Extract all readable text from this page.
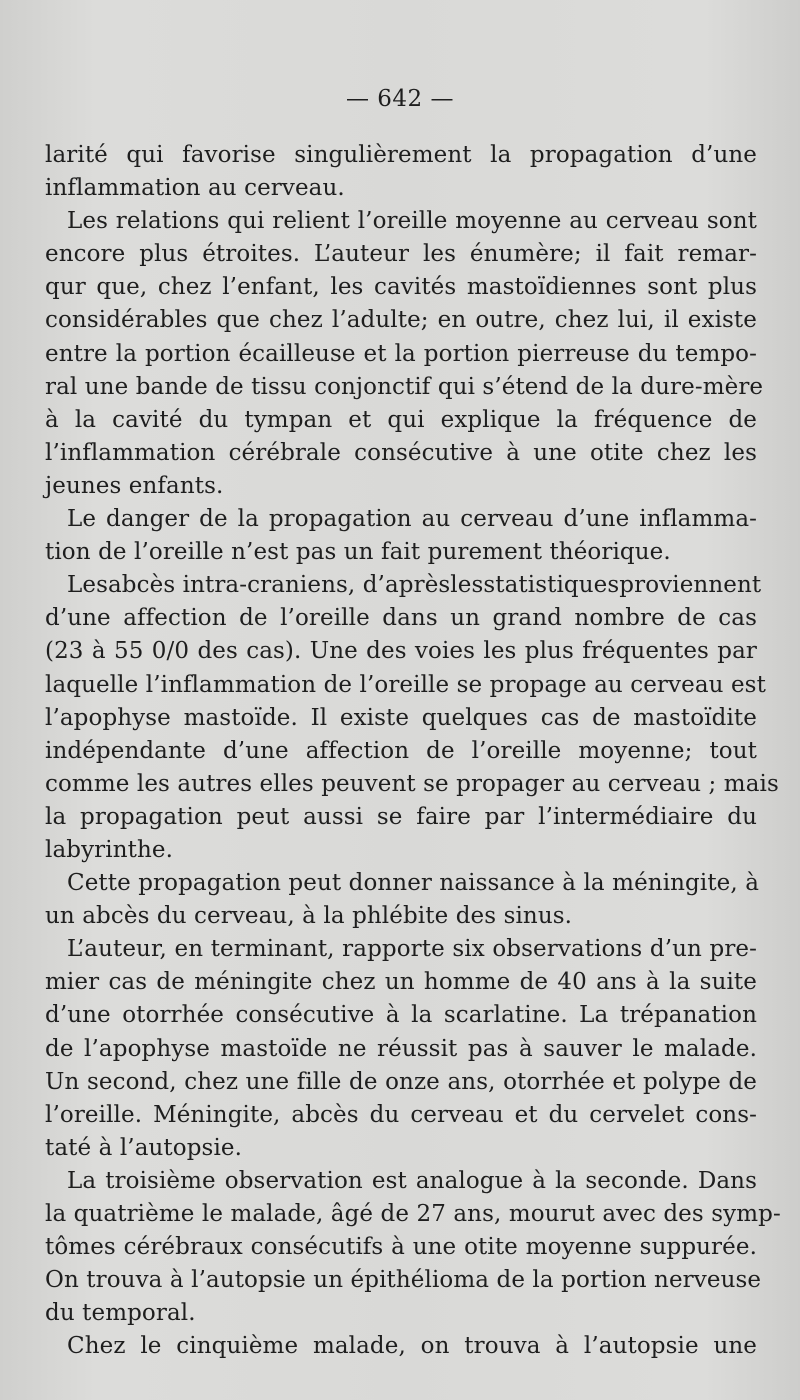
— 642 —
larité qui favorise singulièrement la propagation d’une
inflammation au cerveau.
Les relations qui relient l’oreille moyenne au cerveau sont
encore plus étroites. L’auteur les énumère; il fait remar-
qur que, chez l’enfant, les cavités mastoïdiennes sont plus
considérables que chez l’adulte; en outre, chez lui, il existe
entre la portion écailleuse et la portion pierreuse du tempo-
ral une bande de tissu conjonctif qui s’étend de la dure-mère
à la cavité du tympan et qui explique la fréquence de
l’inflammation cérébrale consécutive à une otite chez les
jeunes enfants.
Le danger de la propagation au cerveau d’une inflamma-
tion de l’oreille n’est pas un fait purement théorique.
Lesabcès intra-craniens, d’aprèslesstatistiquesproviennent
d’une affection de l’oreille dans un grand nombre de cas
(23 à 55 0/0 des cas). Une des voies les plus fréquentes par
laquelle l’inflammation de l’oreille se propage au cerveau est
l’apophyse mastoïde. Il existe quelques cas de mastoïdite
indépendante d’une affection de l’oreille moyenne; tout
comme les autres elles peuvent se propager au cerveau ; mais
la propagation peut aussi se faire par l’intermédiaire du
labyrinthe.
Cette propagation peut donner naissance à la méningite, à
un abcès du cerveau, à la phlébite des sinus.
L’auteur, en terminant, rapporte six observations d’un pre-
mier cas de méningite chez un homme de 40 ans à la suite
d’une otorrhée consécutive à la scarlatine. La trépanation
de l’apophyse mastoïde ne réussit pas à sauver le malade.
Un second, chez une fille de onze ans, otorrhée et polype de
l’oreille. Méningite, abcès du cerveau et du cervelet cons-
taté à l’autopsie.
La troisième observation est analogue à la seconde. Dans
la quatrième le malade, âgé de 27 ans, mourut avec des symp-
tômes cérébraux consécutifs à une otite moyenne suppurée.
On trouva à l’autopsie un épithélioma de la portion nerveuse
du temporal.
Chez le cinquième malade, on trouva à l’autopsie une
